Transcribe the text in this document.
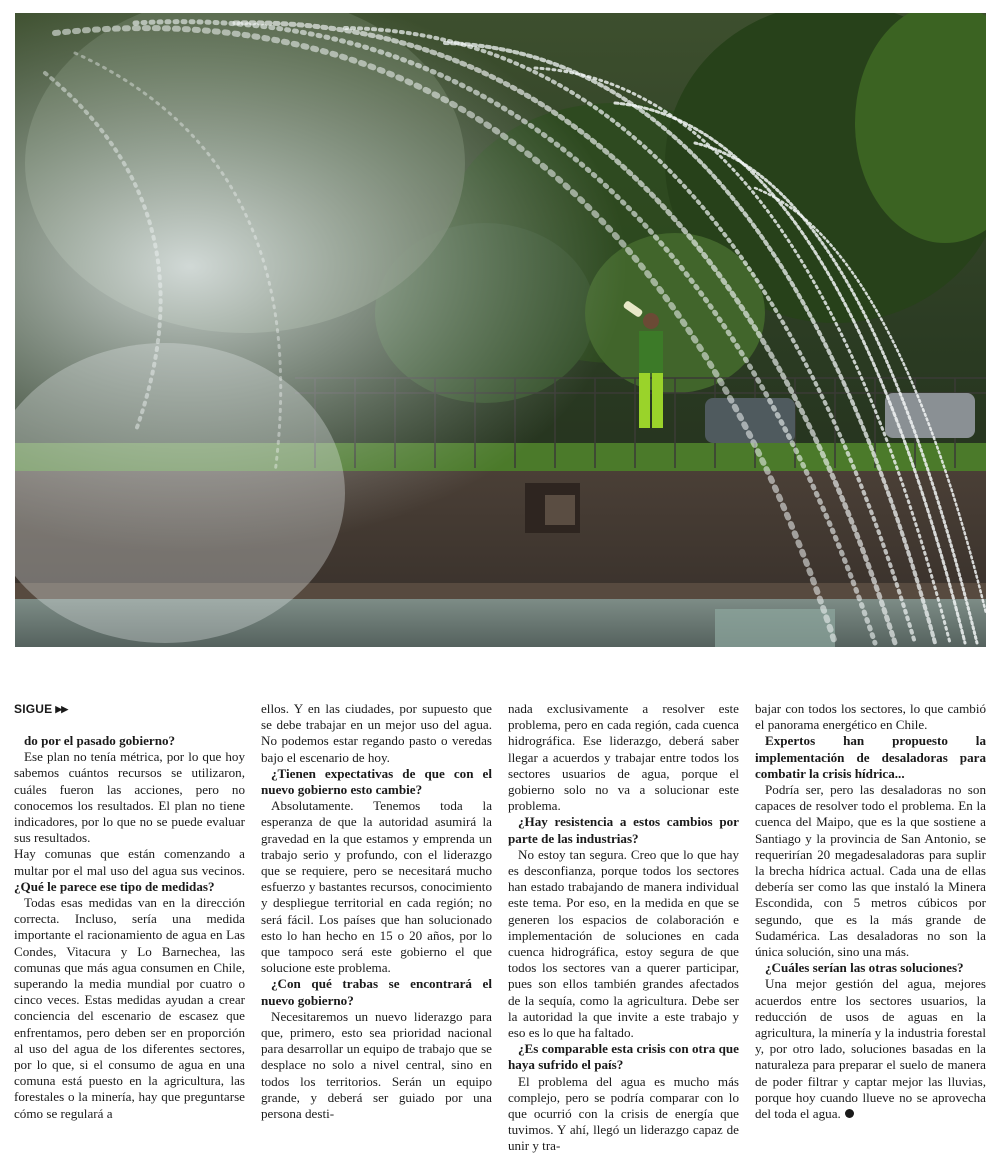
SIGUE ▶▶

do por el pasado gobierno?

Ese plan no tenía métrica, por lo que hoy sabemos cuántos recursos se utilizaron, cuáles fueron las acciones, pero no conocemos los resultados. El plan no tiene indicadores, por lo que no se puede evaluar sus resultados.

Hay comunas que están comenzando a multar por el mal uso del agua sus vecinos. ¿Qué le parece ese tipo de medidas?

Todas esas medidas van en la dirección correcta. Incluso, sería una medida importante el racionamiento de agua en Las Condes, Vitacura y Lo Barnechea, las comunas que más agua consumen en Chile, superando la media mundial por cuatro o cinco veces. Estas medidas ayudan a crear conciencia del escenario de escasez que enfrentamos, pero deben ser en proporción al uso del agua de los diferentes sectores, por lo que, si el consumo de agua en una comuna está puesto en la agricultura, las forestales o la minería, hay que preguntarse cómo se regulará a

ellos. Y en las ciudades, por supuesto que se debe trabajar en un mejor uso del agua. No podemos estar regando pasto o veredas bajo el escenario de hoy.

¿Tienen expectativas de que con el nuevo gobierno esto cambie?

Absolutamente. Tenemos toda la esperanza de que la autoridad asumirá la gravedad en la que estamos y emprenda un trabajo serio y profundo, con el liderazgo que se requiere, pero se necesitará mucho esfuerzo y bastantes recursos, conocimiento y despliegue territorial en cada región; no será fácil. Los países que han solucionado esto lo han hecho en 15 o 20 años, por lo que tampoco será este gobierno el que solucione este problema.

¿Con qué trabas se encontrará el nuevo gobierno?

Necesitaremos un nuevo liderazgo para que, primero, esto sea prioridad nacional para desarrollar un equipo de trabajo que se desplace no solo a nivel central, sino en todos los territorios. Serán un equipo grande, y deberá ser guiado por una persona desti-

nada exclusivamente a resolver este problema, pero en cada región, cada cuenca hidrográfica. Ese liderazgo, deberá saber llegar a acuerdos y trabajar entre todos los sectores usuarios de agua, porque el gobierno solo no va a solucionar este problema.

¿Hay resistencia a estos cambios por parte de las industrias?

No estoy tan segura. Creo que lo que hay es desconfianza, porque todos los sectores han estado trabajando de manera individual este tema. Por eso, en la medida en que se generen los espacios de colaboración e implementación de soluciones en cada cuenca hidrográfica, estoy segura de que todos los sectores van a querer participar, pues son ellos también grandes afectados de la sequía, como la agricultura. Debe ser la autoridad la que invite a este trabajo y eso es lo que ha faltado.

¿Es comparable esta crisis con otra que haya sufrido el país?

El problema del agua es mucho más complejo, pero se podría comparar con lo que ocurrió con la crisis de energía que tuvimos. Y ahí, llegó un liderazgo capaz de unir y tra-

bajar con todos los sectores, lo que cambió el panorama energético en Chile.

Expertos han propuesto la implementación de desaladoras para combatir la crisis hídrica...

Podría ser, pero las desaladoras no son capaces de resolver todo el problema. En la cuenca del Maipo, que es la que sostiene a Santiago y la provincia de San Antonio, se requerirían 20 megadesaladoras para suplir la brecha hídrica actual. Cada una de ellas debería ser como las que instaló la Minera Escondida, con 5 metros cúbicos por segundo, que es la más grande de Sudamérica. Las desaladoras no son la única solución, sino una más.

¿Cuáles serían las otras soluciones?

Una mejor gestión del agua, mejores acuerdos entre los sectores usuarios, la reducción de usos de aguas en la agricultura, la minería y la industria forestal y, por otro lado, soluciones basadas en la naturaleza para preparar el suelo de manera de poder filtrar y captar mejor las lluvias, porque hoy cuando llueve no se aprovecha del toda el agua.
